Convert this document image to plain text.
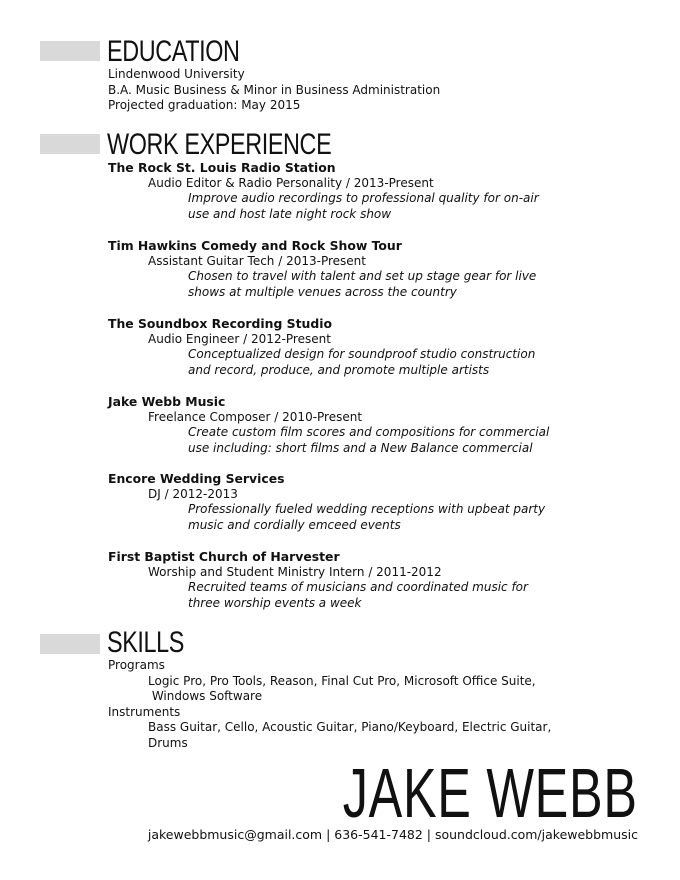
EDUCATION
Lindenwood University
B.A. Music Business & Minor in Business Administration
Projected graduation: May 2015
WORK EXPERIENCE
The Rock St. Louis Radio Station
Audio Editor & Radio Personality / 2013-Present
Improve audio recordings to professional quality for on-air
use and host late night rock show
Tim Hawkins Comedy and Rock Show Tour
Assistant Guitar Tech / 2013-Present
Chosen to travel with talent and set up stage gear for live
shows at multiple venues across the country
The Soundbox Recording Studio
Audio Engineer / 2012-Present
Conceptualized design for soundproof studio construction
and record, produce, and promote multiple artists
Jake Webb Music
Freelance Composer / 2010-Present
Create custom film scores and compositions for commercial
use including: short films and a New Balance commercial
Encore Wedding Services
DJ / 2012-2013
Professionally fueled wedding receptions with upbeat party
music and cordially emceed events
First Baptist Church of Harvester
Worship and Student Ministry Intern / 2011-2012
Recruited teams of musicians and coordinated music for
three worship events a week
SKILLS
Programs
Logic Pro, Pro Tools, Reason, Final Cut Pro, Microsoft Office Suite,
Windows Software
Instruments
Bass Guitar, Cello, Acoustic Guitar, Piano/Keyboard, Electric Guitar,
Drums
JAKE WEBB
jakewebbmusic@gmail.com | 636-541-7482 | soundcloud.com/jakewebbmusic
